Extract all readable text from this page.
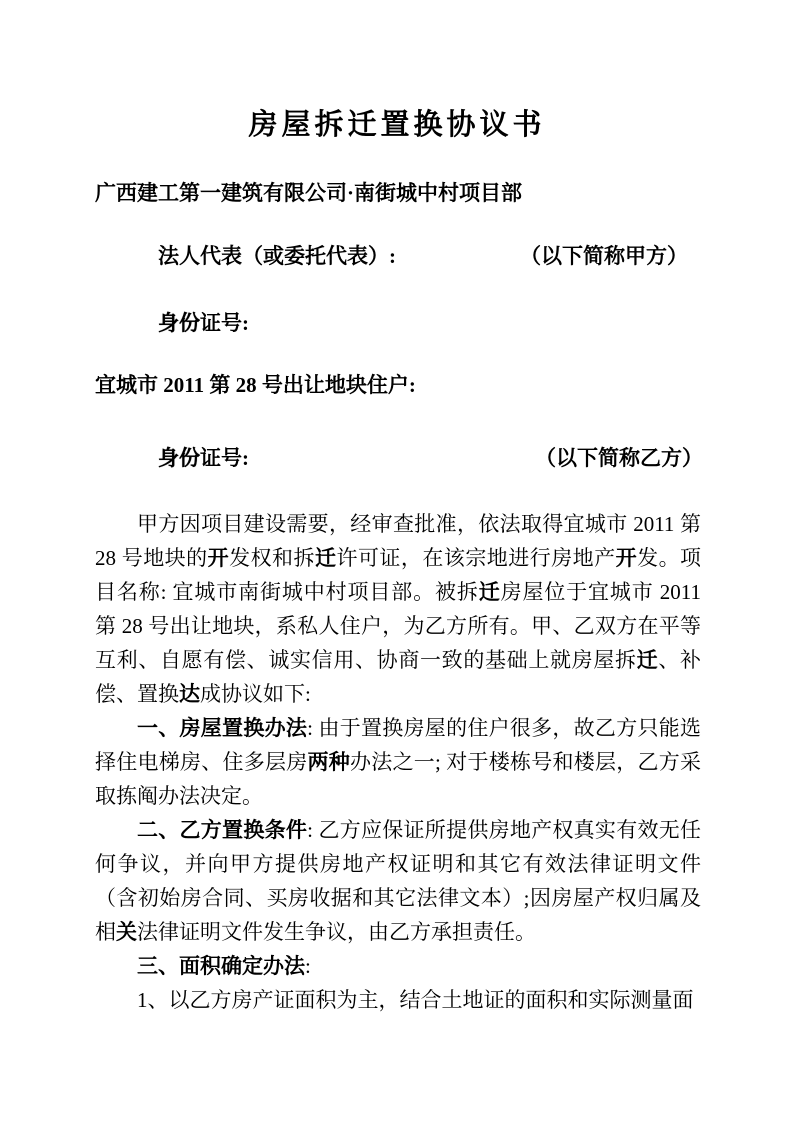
房屋拆迁置换协议书

广西建工第一建筑有限公司·南街城中村项目部

法人代表（或委托代表）:

	（以下简称甲方）

身份证号:

宜城市 2011 第 28 号出让地块住户:

身份证号:

	（以下简称乙方）

甲方因项目建设需要，经审查批准，依法取得宜城市 2011 第 28 号地块的开发权和拆迁许可证，在该宗地进行房地产开发。项目名称: 宜城市南街城中村项目部。被拆迁房屋位于宜城市 2011 第 28 号出让地块，系私人住户，为乙方所有。甲、乙双方在平等互利、自愿有偿、诚实信用、协商一致的基础上就房屋拆迁、补偿、置换达成协议如下:

一、房屋置换办法: 由于置换房屋的住户很多，故乙方只能选择住电梯房、住多层房两种办法之一; 对于楼栋号和楼层，乙方采取拣阄办法决定。

二、乙方置换条件: 乙方应保证所提供房地产权真实有效无任何争议，并向甲方提供房地产权证明和其它有效法律证明文件（含初始房合同、买房收据和其它法律文本）;因房屋产权归属及相关法律证明文件发生争议，由乙方承担责任。

三、面积确定办法:

1、以乙方房产证面积为主，结合土地证的面积和实际测量面
